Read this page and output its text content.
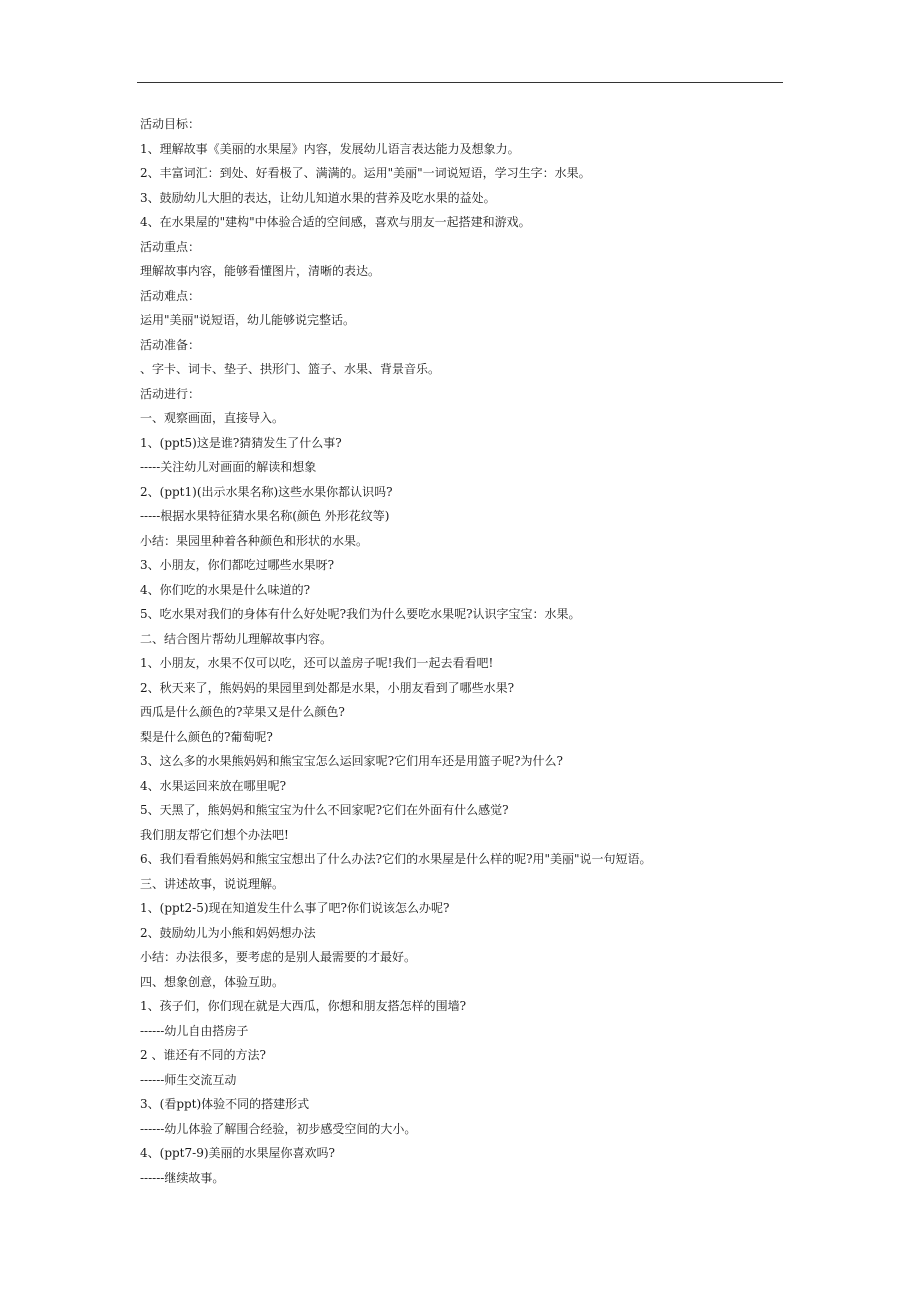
活动目标：
1、理解故事《美丽的水果屋》内容，发展幼儿语言表达能力及想象力。
2、丰富词汇：到处、好看极了、满满的。运用"美丽"一词说短语，学习生字：水果。
3、鼓励幼儿大胆的表达，让幼儿知道水果的营养及吃水果的益处。
4、在水果屋的"建构"中体验合适的空间感，喜欢与朋友一起搭建和游戏。
活动重点：
理解故事内容，能够看懂图片，清晰的表达。
活动难点：
运用"美丽"说短语，幼儿能够说完整话。
活动准备：
、字卡、词卡、垫子、拱形门、篮子、水果、背景音乐。
活动进行：
一、观察画面，直接导入。
1、(ppt5)这是谁?猜猜发生了什么事?
-----关注幼儿对画面的解读和想象
2、(ppt1)(出示水果名称)这些水果你都认识吗?
-----根据水果特征猜水果名称(颜色 外形花纹等)
小结：果园里种着各种颜色和形状的水果。
3、小朋友，你们都吃过哪些水果呀?
4、你们吃的水果是什么味道的?
5、吃水果对我们的身体有什么好处呢?我们为什么要吃水果呢?认识字宝宝：水果。
二、结合图片帮幼儿理解故事内容。
1、小朋友，水果不仅可以吃，还可以盖房子呢!我们一起去看看吧!
2、秋天来了，熊妈妈的果园里到处都是水果，小朋友看到了哪些水果?
西瓜是什么颜色的?苹果又是什么颜色?
梨是什么颜色的?葡萄呢?
3、这么多的水果熊妈妈和熊宝宝怎么运回家呢?它们用车还是用篮子呢?为什么?
4、水果运回来放在哪里呢?
5、天黑了，熊妈妈和熊宝宝为什么不回家呢?它们在外面有什么感觉?
我们朋友帮它们想个办法吧!
6、我们看看熊妈妈和熊宝宝想出了什么办法?它们的水果屋是什么样的呢?用"美丽"说一句短语。
三、讲述故事，说说理解。
1、(ppt2-5)现在知道发生什么事了吧?你们说该怎么办呢?
2、鼓励幼儿为小熊和妈妈想办法
小结：办法很多，要考虑的是别人最需要的才最好。
四、想象创意，体验互助。
1、孩子们，你们现在就是大西瓜，你想和朋友搭怎样的围墙?
------幼儿自由搭房子
2 、谁还有不同的方法?
------师生交流互动
3、(看ppt)体验不同的搭建形式
------幼儿体验了解围合经验，初步感受空间的大小。
4、(ppt7-9)美丽的水果屋你喜欢吗?
------继续故事。
